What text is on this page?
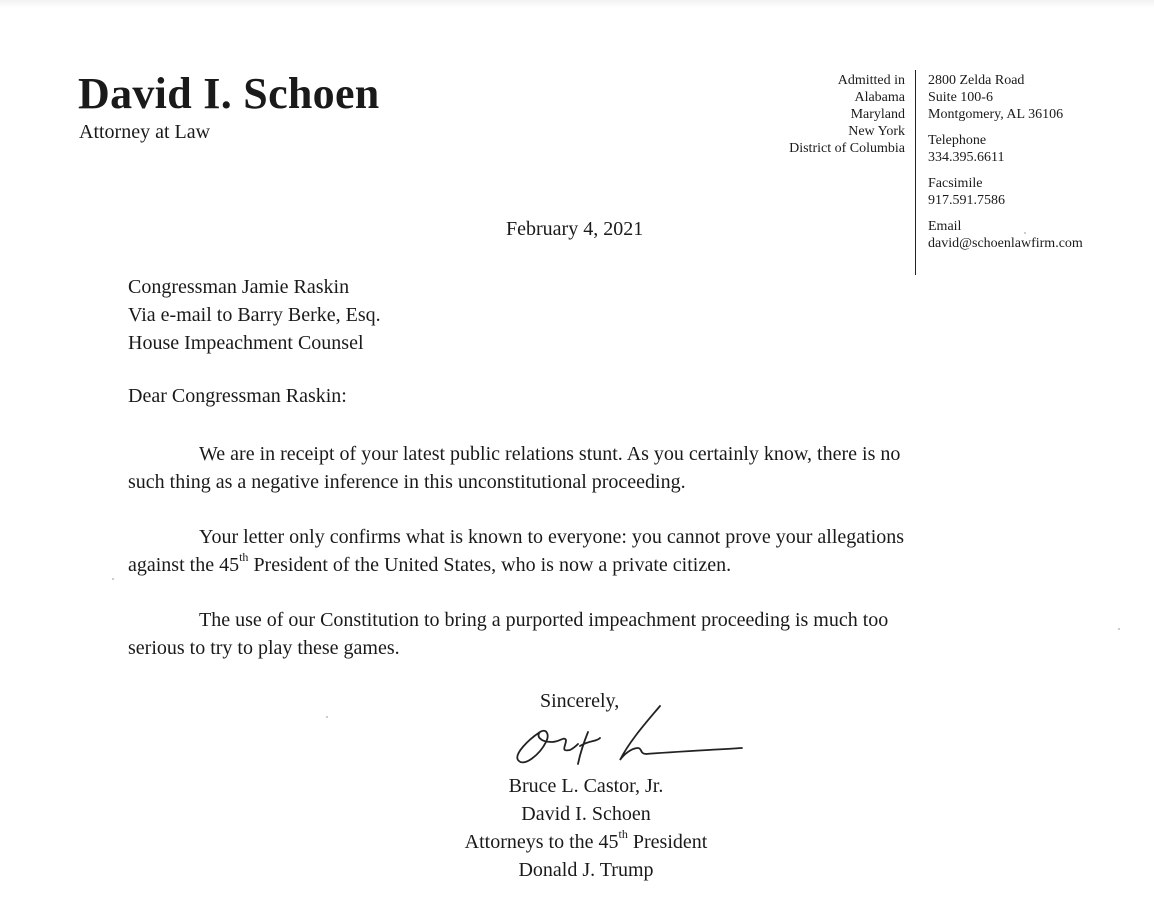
David I. Schoen
Attorney at Law
Admitted in
Alabama
Maryland
New York
District of Columbia
2800 Zelda Road
Suite 100-6
Montgomery, AL 36106
Telephone
334.395.6611
Facsimile
917.591.7586
Email
david@schoenlawfirm.com
February 4, 2021
Congressman Jamie Raskin
Via e-mail to Barry Berke, Esq.
House Impeachment Counsel
Dear Congressman Raskin:
We are in receipt of your latest public relations stunt. As you certainly know, there is no
such thing as a negative inference in this unconstitutional proceeding.
Your letter only confirms what is known to everyone: you cannot prove your allegations
against the 45th President of the United States, who is now a private citizen.
The use of our Constitution to bring a purported impeachment proceeding is much too
serious to try to play these games.
Sincerely,
Bruce L. Castor, Jr.
David I. Schoen
Attorneys to the 45th President
Donald J. Trump
